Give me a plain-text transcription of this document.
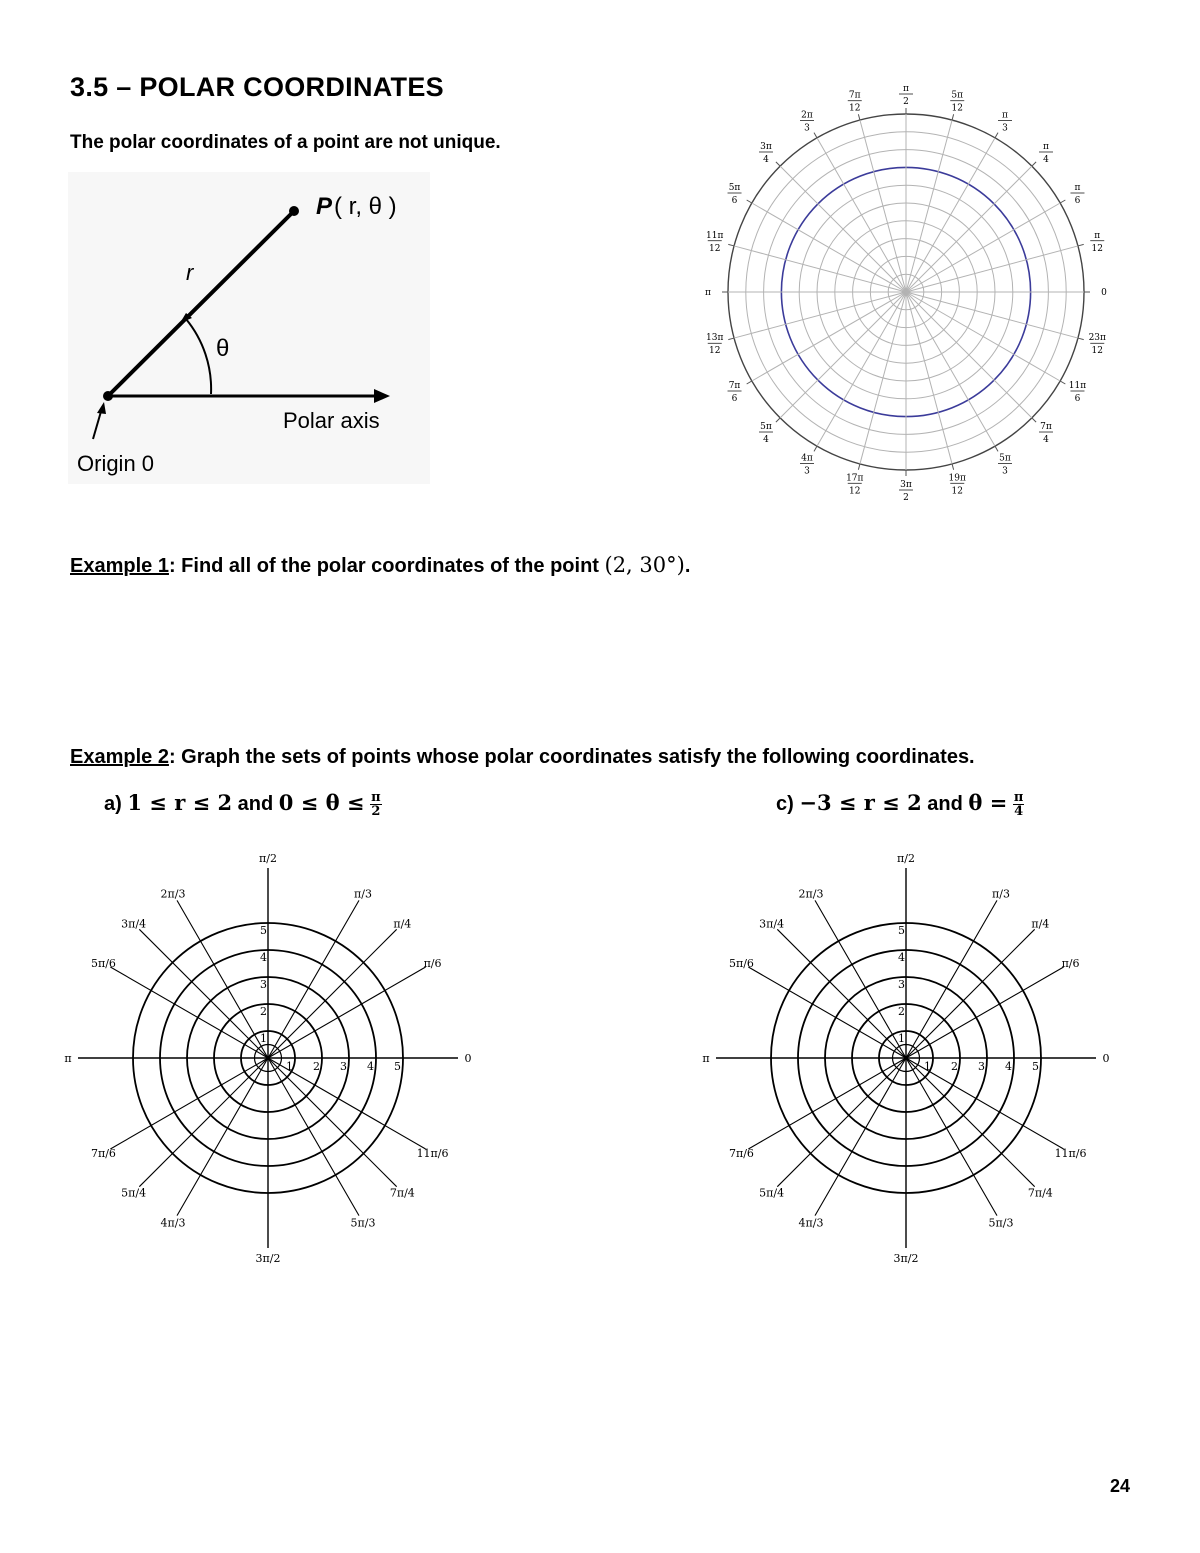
3.5 – POLAR COORDINATES
The polar coordinates of a point are not unique.
P ( r, θ )
r
θ
Polar axis
Origin 0
0
π
12
π
6
π
4
π
3
5π
12
π
2
7π
12
2π
3
3π
4
5π
6
11π
12
π
13π
12
7π
6
5π
4
4π
3
17π
12
3π
2
19π
12
5π
3
7π
4
11π
6
23π
12
Example 1: Find all of the polar coordinates of the point (2, 30°).
Example 2: Graph the sets of points whose polar coordinates satisfy the following coordinates.
a) 1 ≤ r ≤ 2 and $0 \le \theta \le \frac{\pi}{2}$	c) −3 ≤ r ≤ 2 and $\theta = \frac{\pi}{4}$
0
π/6
π/4
π/3
π/2
2π/3
3π/4
5π/6
π
7π/6
5π/4
4π/3
3π/2
5π/3
7π/4
11π/6
1
1
2
2
3
3
4
4
5
5
0
π/6
π/4
π/3
π/2
2π/3
3π/4
5π/6
π
7π/6
5π/4
4π/3
3π/2
5π/3
7π/4
11π/6
1
1
2
2
3
3
4
4
5
5
24
